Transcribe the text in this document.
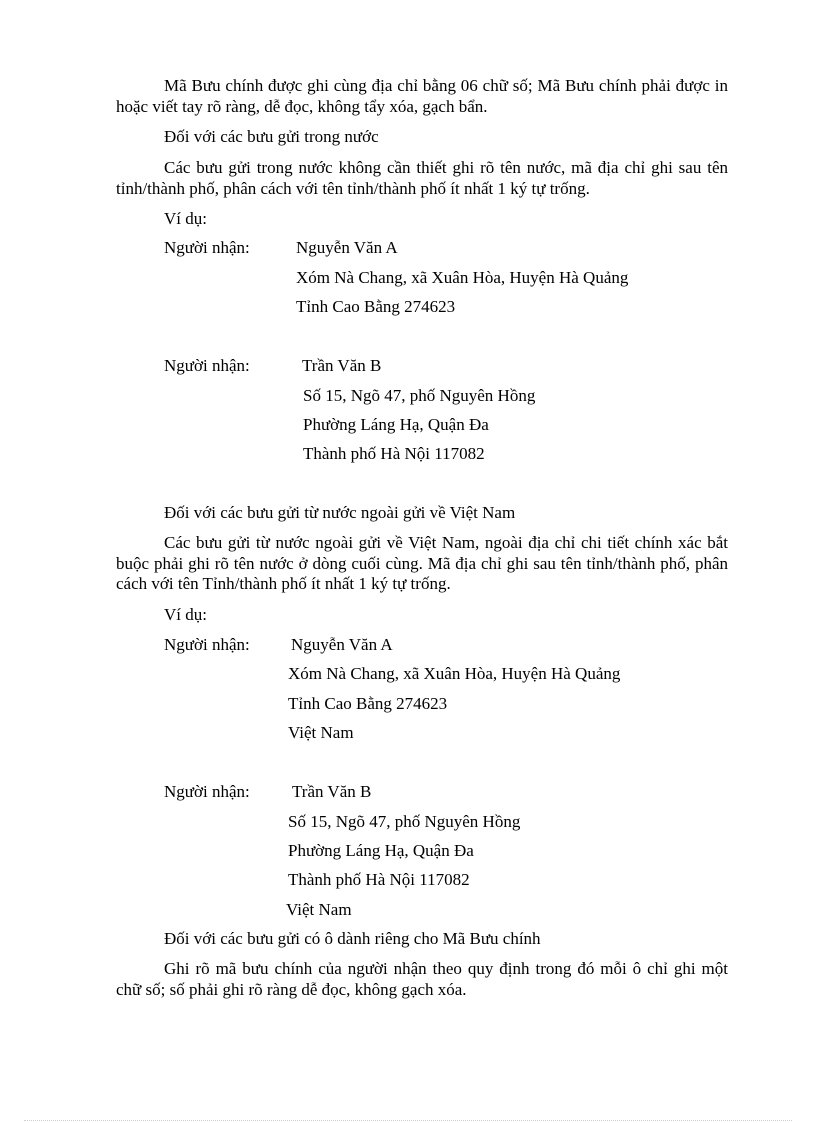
Mã Bưu chính được ghi cùng địa chỉ bằng 06 chữ số; Mã Bưu chính phải được in hoặc viết tay rõ ràng, dễ đọc, không tẩy xóa, gạch bẩn.
Đối với các bưu gửi trong nước
Các bưu gửi trong nước không cần thiết ghi rõ tên nước, mã địa chỉ ghi sau tên tỉnh/thành phố, phân cách với tên tỉnh/thành phố ít nhất 1 ký tự trống.
Ví dụ:
Người nhận:	Nguyễn Văn A
Xóm Nà Chang, xã Xuân Hòa, Huyện Hà Quảng
Tỉnh Cao Bằng 274623
Người nhận:	Trần Văn B
Số 15, Ngõ 47, phố Nguyên Hồng
Phường Láng Hạ, Quận Đa
Thành phố Hà Nội 117082
Đối với các bưu gửi từ nước ngoài gửi về Việt Nam
Các bưu gửi từ nước ngoài gửi về Việt Nam, ngoài địa chỉ chi tiết chính xác bắt buộc phải ghi rõ tên nước ở dòng cuối cùng. Mã địa chỉ ghi sau tên tỉnh/thành phố, phân cách với tên Tỉnh/thành phố ít nhất 1 ký tự trống.
Ví dụ:
Người nhận: Nguyễn Văn A
Xóm Nà Chang, xã Xuân Hòa, Huyện Hà Quảng
Tỉnh Cao Bằng 274623
Việt Nam
Người nhận: Trần Văn B
Số 15, Ngõ 47, phố Nguyên Hồng
Phường Láng Hạ, Quận Đa
Thành phố Hà Nội 117082
Việt Nam
Đối với các bưu gửi có ô dành riêng cho Mã Bưu chính
Ghi rõ mã bưu chính của người nhận theo quy định trong đó mỗi ô chỉ ghi một chữ số; số phải ghi rõ ràng dễ đọc, không gạch xóa.
